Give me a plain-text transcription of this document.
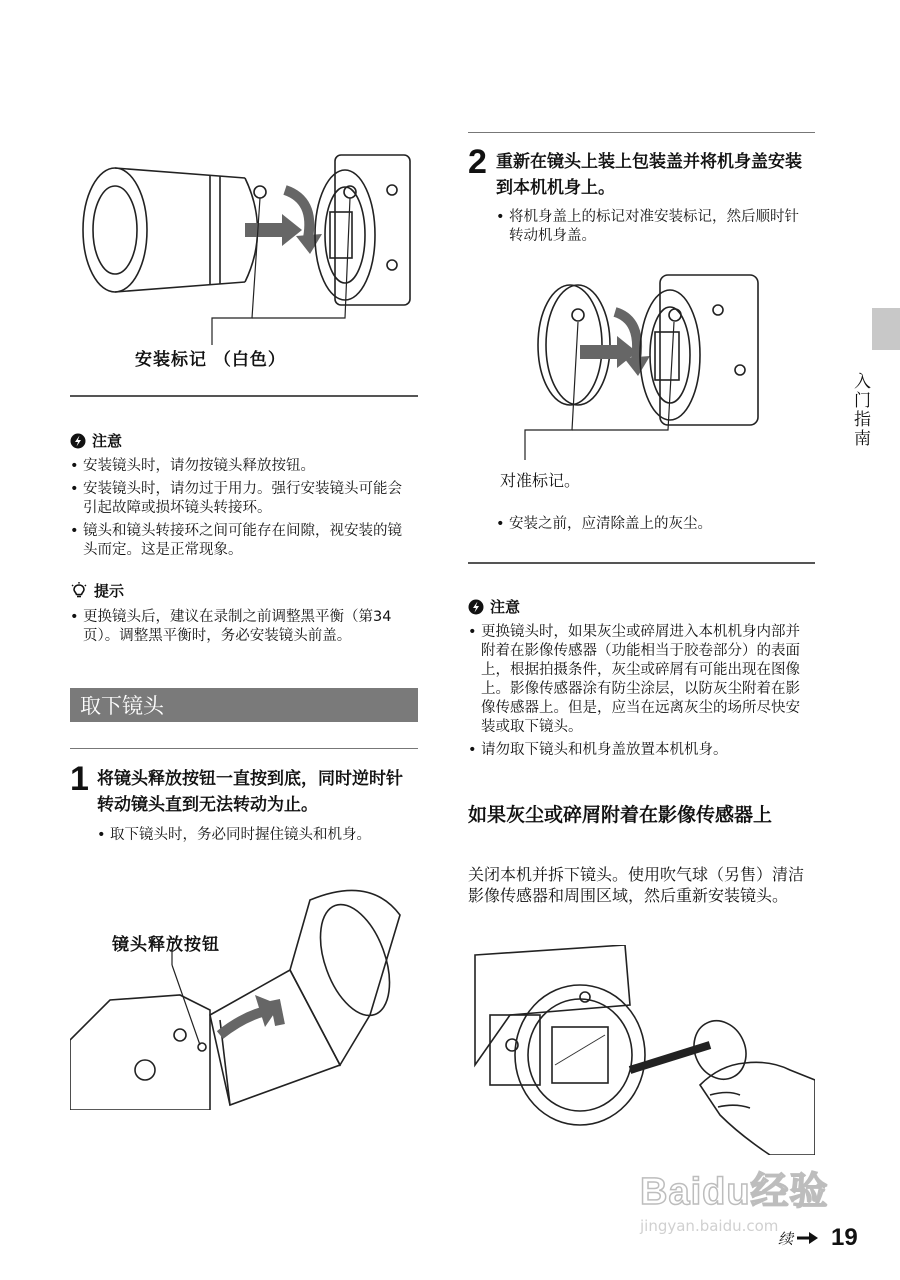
安装标记 （白色）
注意
• 安装镜头时，请勿按镜头释放按钮。
• 安装镜头时，请勿过于用力。强行安装镜头可能会引起故障或损坏镜头转接环。
• 镜头和镜头转接环之间可能存在间隙，视安装的镜头而定。这是正常现象。
提示
• 更换镜头后，建议在录制之前调整黑平衡（第34页）。调整黑平衡时，务必安装镜头前盖。
取下镜头
1 将镜头释放按钮一直按到底，同时逆时针转动镜头直到无法转动为止。
• 取下镜头时，务必同时握住镜头和机身。
镜头释放按钮
2 重新在镜头上装上包装盖并将机身盖安装到本机机身上。
• 将机身盖上的标记对准安装标记，然后顺时针转动机身盖。
对准标记。
• 安装之前，应清除盖上的灰尘。
注意
• 更换镜头时，如果灰尘或碎屑进入本机机身内部并附着在影像传感器（功能相当于胶卷部分）的表面上，根据拍摄条件，灰尘或碎屑有可能出现在图像上。影像传感器涂有防尘涂层，以防灰尘附着在影像传感器上。但是，应当在远离灰尘的场所尽快安装或取下镜头。
• 请勿取下镜头和机身盖放置本机机身。
如果灰尘或碎屑附着在影像传感器上
关闭本机并拆下镜头。使用吹气球（另售）清洁影像传感器和周围区域，然后重新安装镜头。
入门指南
Baidu经验
jingyan.baidu.com
续 19
